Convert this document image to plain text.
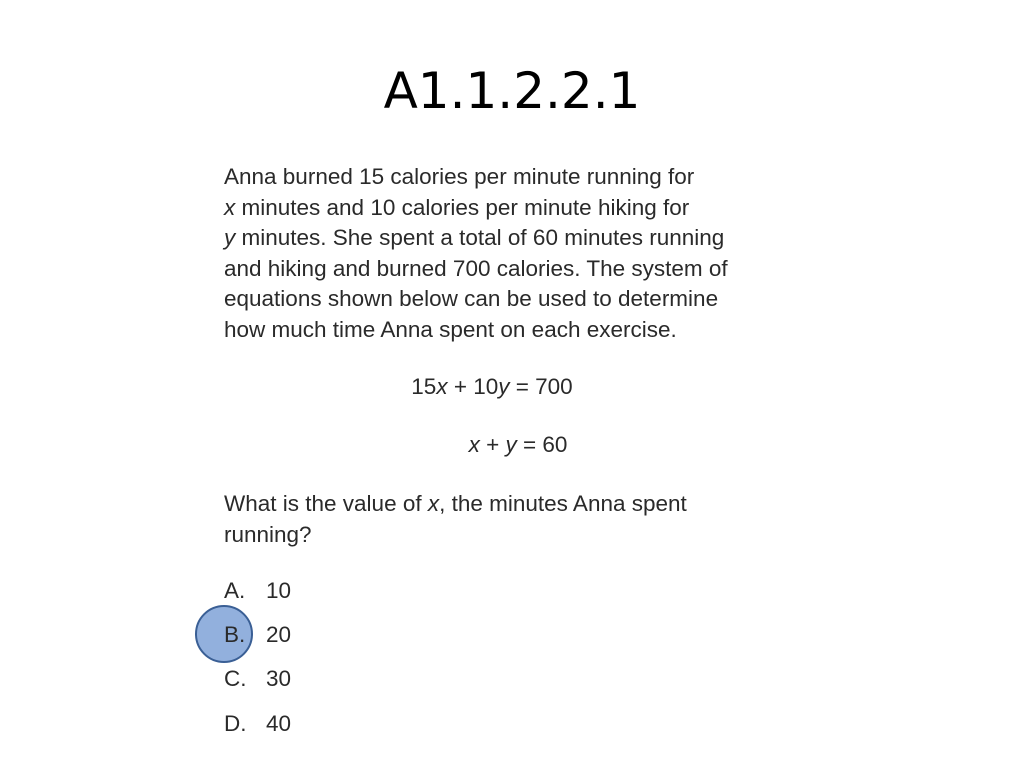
A1.1.2.2.1
Anna burned 15 calories per minute running for
x minutes and 10 calories per minute hiking for
y minutes. She spent a total of 60 minutes running
and hiking and burned 700 calories. The system of
equations shown below can be used to determine
how much time Anna spent on each exercise.
15x + 10y = 700
x + y = 60
What is the value of x, the minutes Anna spent
running?
A. 10
B. 20
C. 30
D. 40
